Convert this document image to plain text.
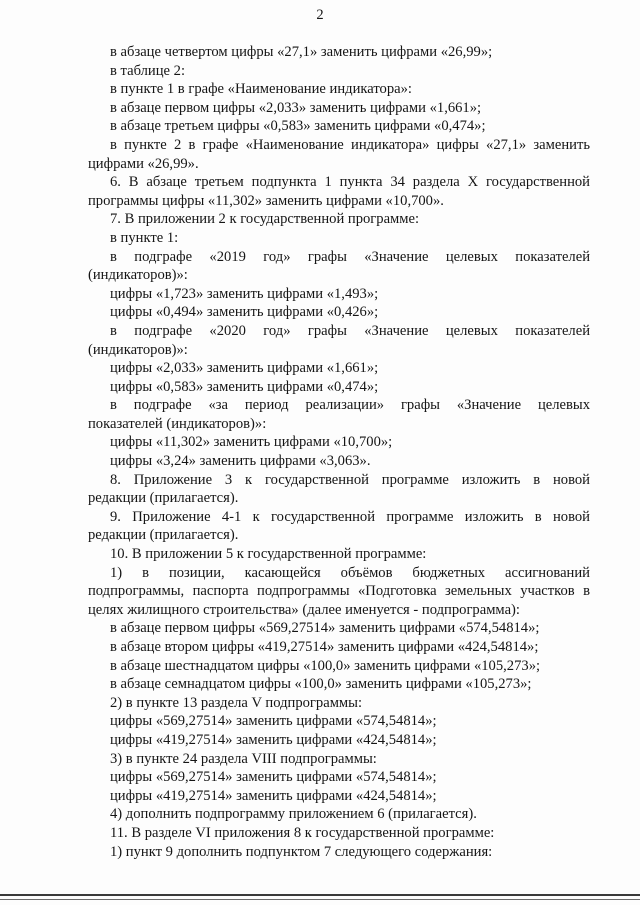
2
в абзаце четвертом цифры «27,1» заменить цифрами «26,99»;
в таблице 2:
в пункте 1 в графе «Наименование индикатора»:
в абзаце первом цифры «2,033» заменить цифрами «1,661»;
в абзаце третьем цифры «0,583» заменить цифрами «0,474»;
в пункте 2 в графе «Наименование индикатора» цифры «27,1» заменить
цифрами «26,99».
6. В абзаце третьем подпункта 1 пункта 34 раздела X государственной
программы цифры «11,302» заменить цифрами «10,700».
7. В приложении 2 к государственной программе:
в пункте 1:
в подграфе «2019 год» графы «Значение целевых показателей
(индикаторов)»:
цифры «1,723» заменить цифрами «1,493»;
цифры «0,494» заменить цифрами «0,426»;
в подграфе «2020 год» графы «Значение целевых показателей
(индикаторов)»:
цифры «2,033» заменить цифрами «1,661»;
цифры «0,583» заменить цифрами «0,474»;
в подграфе «за период реализации» графы «Значение целевых
показателей (индикаторов)»:
цифры «11,302» заменить цифрами «10,700»;
цифры «3,24» заменить цифрами «3,063».
8. Приложение 3 к государственной программе изложить в новой
редакции (прилагается).
9. Приложение 4-1 к государственной программе изложить в новой
редакции (прилагается).
10. В приложении 5 к государственной программе:
1) в позиции, касающейся объёмов бюджетных ассигнований
подпрограммы, паспорта подпрограммы «Подготовка земельных участков в
целях жилищного строительства» (далее именуется - подпрограмма):
в абзаце первом цифры «569,27514» заменить цифрами «574,54814»;
в абзаце втором цифры «419,27514» заменить цифрами «424,54814»;
в абзаце шестнадцатом цифры «100,0» заменить цифрами «105,273»;
в абзаце семнадцатом цифры «100,0» заменить цифрами «105,273»;
2) в пункте 13 раздела V подпрограммы:
цифры «569,27514» заменить цифрами «574,54814»;
цифры «419,27514» заменить цифрами «424,54814»;
3) в пункте 24 раздела VIII подпрограммы:
цифры «569,27514» заменить цифрами «574,54814»;
цифры «419,27514» заменить цифрами «424,54814»;
4) дополнить подпрограмму приложением 6 (прилагается).
11. В разделе VI приложения 8 к государственной программе:
1) пункт 9 дополнить подпунктом 7 следующего содержания:
